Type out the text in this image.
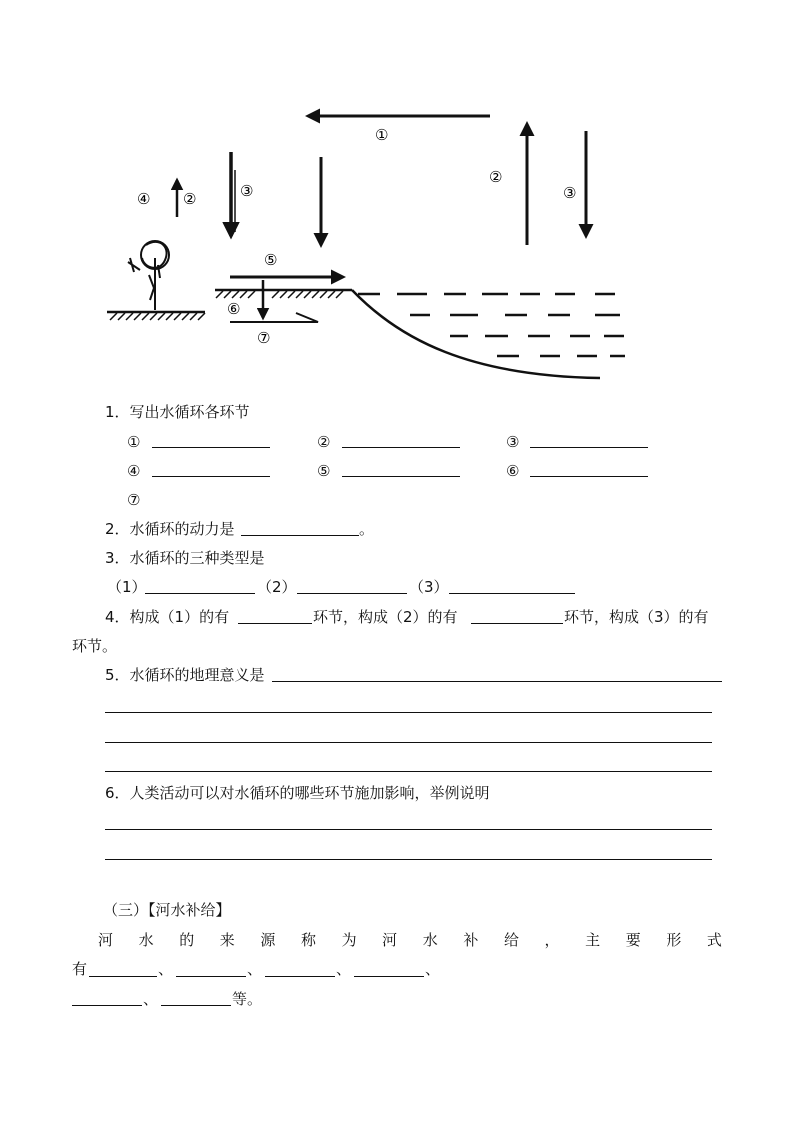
①
②
④	③
②
③
⑤
⑥
⑦
1．写出水循环各环节
①	②	③
④	⑤	⑥
⑦
2．水循环的动力是	。
3．水循环的三种类型是
（1）	（2）	（3）
4．构成（1）的有	环节，构成（2）的有	环节，构成（3）的有
环节。
5．水循环的地理意义是
6．人类活动可以对水循环的哪些环节施加影响，举例说明
（三）【河水补给】
河 水 的 来 源 称 为 河 水 补 给 ， 主 要 形 式
有	、	、	、	、
、	等。
